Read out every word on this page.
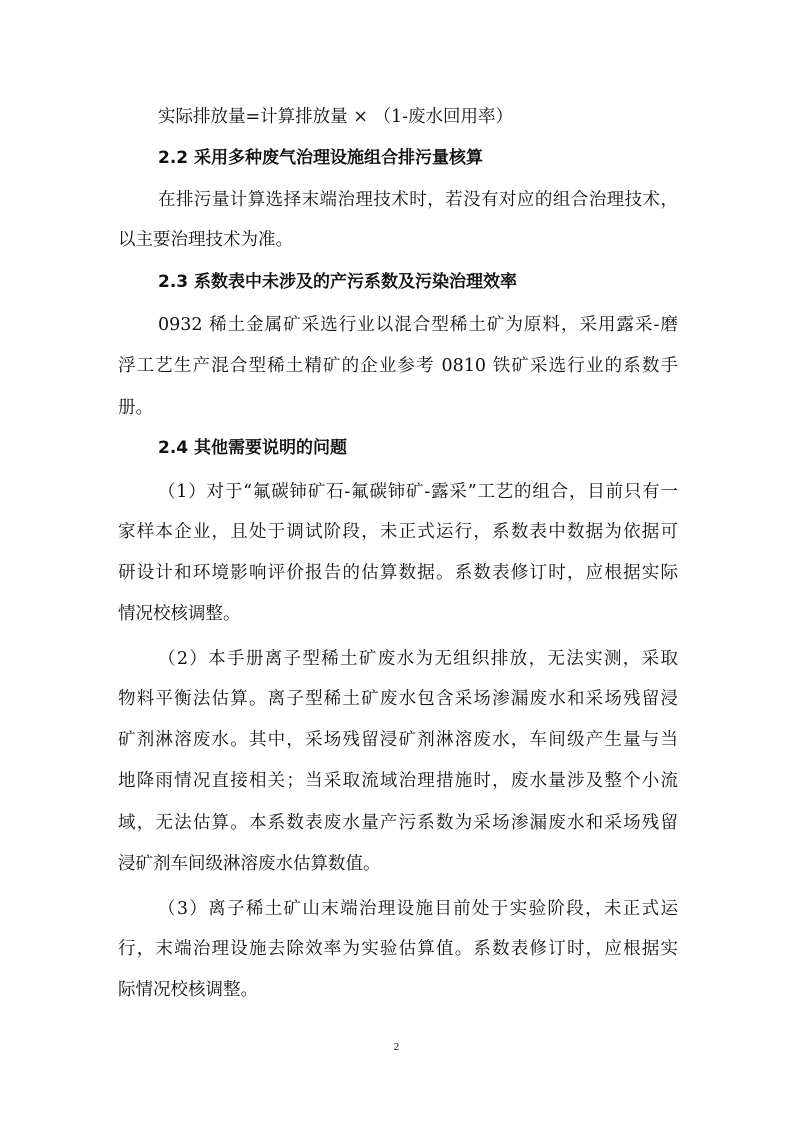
实际排放量=计算排放量 × （1-废水回用率）
2.2 采用多种废气治理设施组合排污量核算
在排污量计算选择末端治理技术时，若没有对应的组合治理技术，
以主要治理技术为准。
2.3 系数表中未涉及的产污系数及污染治理效率
0932 稀土金属矿采选行业以混合型稀土矿为原料，采用露采-磨
浮工艺生产混合型稀土精矿的企业参考 0810 铁矿采选行业的系数手
册。
2.4 其他需要说明的问题
（1）对于“氟碳铈矿石-氟碳铈矿-露采”工艺的组合，目前只有一
家样本企业，且处于调试阶段，未正式运行，系数表中数据为依据可
研设计和环境影响评价报告的估算数据。系数表修订时，应根据实际
情况校核调整。
（2）本手册离子型稀土矿废水为无组织排放，无法实测，采取
物料平衡法估算。离子型稀土矿废水包含采场渗漏废水和采场残留浸
矿剂淋溶废水。其中，采场残留浸矿剂淋溶废水，车间级产生量与当
地降雨情况直接相关；当采取流域治理措施时，废水量涉及整个小流
域，无法估算。本系数表废水量产污系数为采场渗漏废水和采场残留
浸矿剂车间级淋溶废水估算数值。
（3）离子稀土矿山末端治理设施目前处于实验阶段，未正式运
行，末端治理设施去除效率为实验估算值。系数表修订时，应根据实
际情况校核调整。
2
